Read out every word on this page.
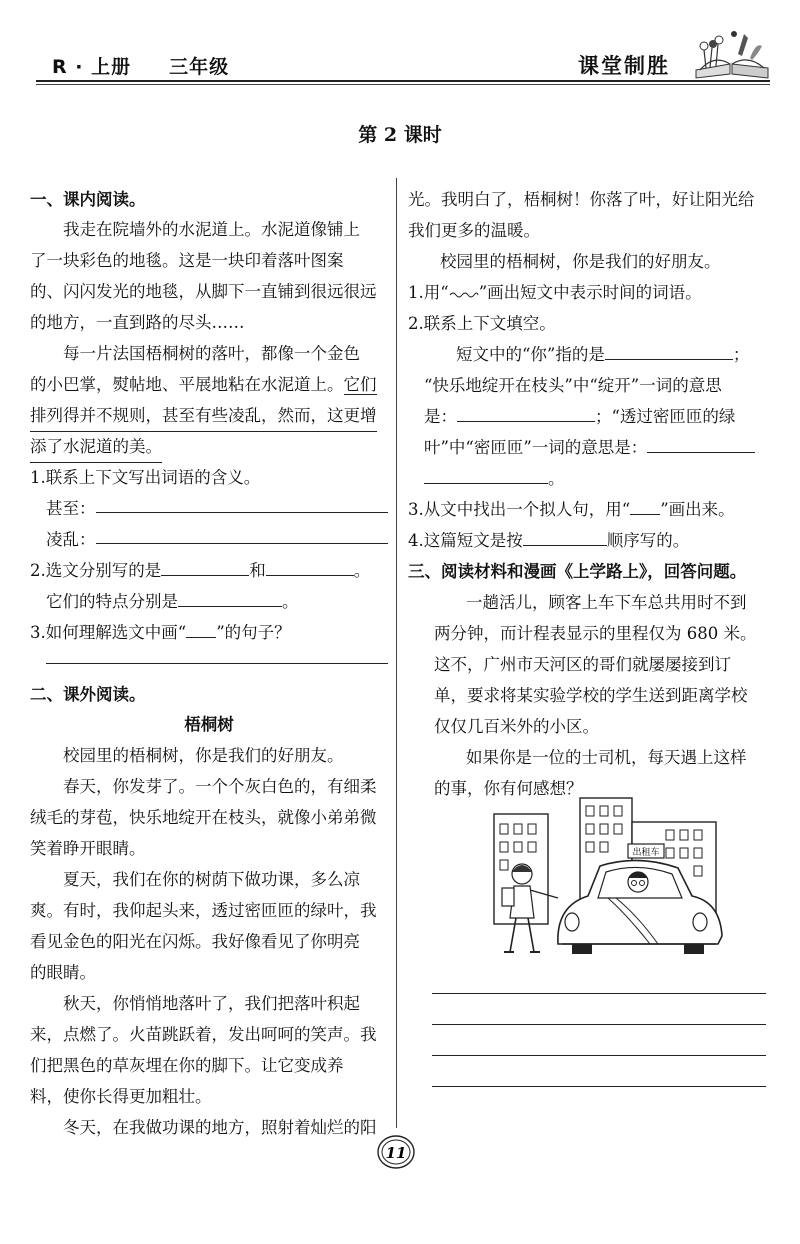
R · 上册 三年级	课堂制胜
第 2 课时
一、课内阅读。
我走在院墙外的水泥道上。水泥道像铺上
了一块彩色的地毯。这是一块印着落叶图案
的、闪闪发光的地毯，从脚下一直铺到很远很远
的地方，一直到路的尽头……
每一片法国梧桐树的落叶，都像一个金色
的小巴掌，熨帖地、平展地粘在水泥道上。它们
排列得并不规则，甚至有些凌乱，然而，这更增
添了水泥道的美。
1.联系上下文写出词语的含义。
甚至：
凌乱：
2.选文分别写的是	和	。
它们的特点分别是	。
3.如何理解选文中画“ ”的句子？
二、课外阅读。
梧桐树
校园里的梧桐树，你是我们的好朋友。
春天，你发芽了。一个个灰白色的，有细柔
绒毛的芽苞，快乐地绽开在枝头，就像小弟弟微
笑着睁开眼睛。
夏天，我们在你的树荫下做功课，多么凉
爽。有时，我仰起头来，透过密匝匝的绿叶，我
看见金色的阳光在闪烁。我好像看见了你明亮
的眼睛。
秋天，你悄悄地落叶了，我们把落叶积起
来，点燃了。火苗跳跃着，发出呵呵的笑声。我
们把黑色的草灰埋在你的脚下。让它变成养
料，使你长得更加粗壮。
冬天，在我做功课的地方，照射着灿烂的阳
光。我明白了，梧桐树！你落了叶，好让阳光给
我们更多的温暖。
校园里的梧桐树，你是我们的好朋友。
1.用“ ”画出短文中表示时间的词语。
2.联系上下文填空。
短文中的“你”指的是	；
“快乐地绽开在枝头”中“绽开”一词的意思
是：	；“透过密匝匝的绿
叶”中“密匝匝”一词的意思是：
。
3.从文中找出一个拟人句，用“ ”画出来。
4.这篇短文是按	顺序写的。
三、阅读材料和漫画《上学路上》，回答问题。
一趟活儿，顾客上车下车总共用时不到
两分钟，而计程表显示的里程仅为 680 米。
这不，广州市天河区的哥们就屡屡接到订
单，要求将某实验学校的学生送到距离学校
仅仅几百米外的小区。
如果你是一位的士司机，每天遇上这样
的事，你有何感想？
出租车
11
